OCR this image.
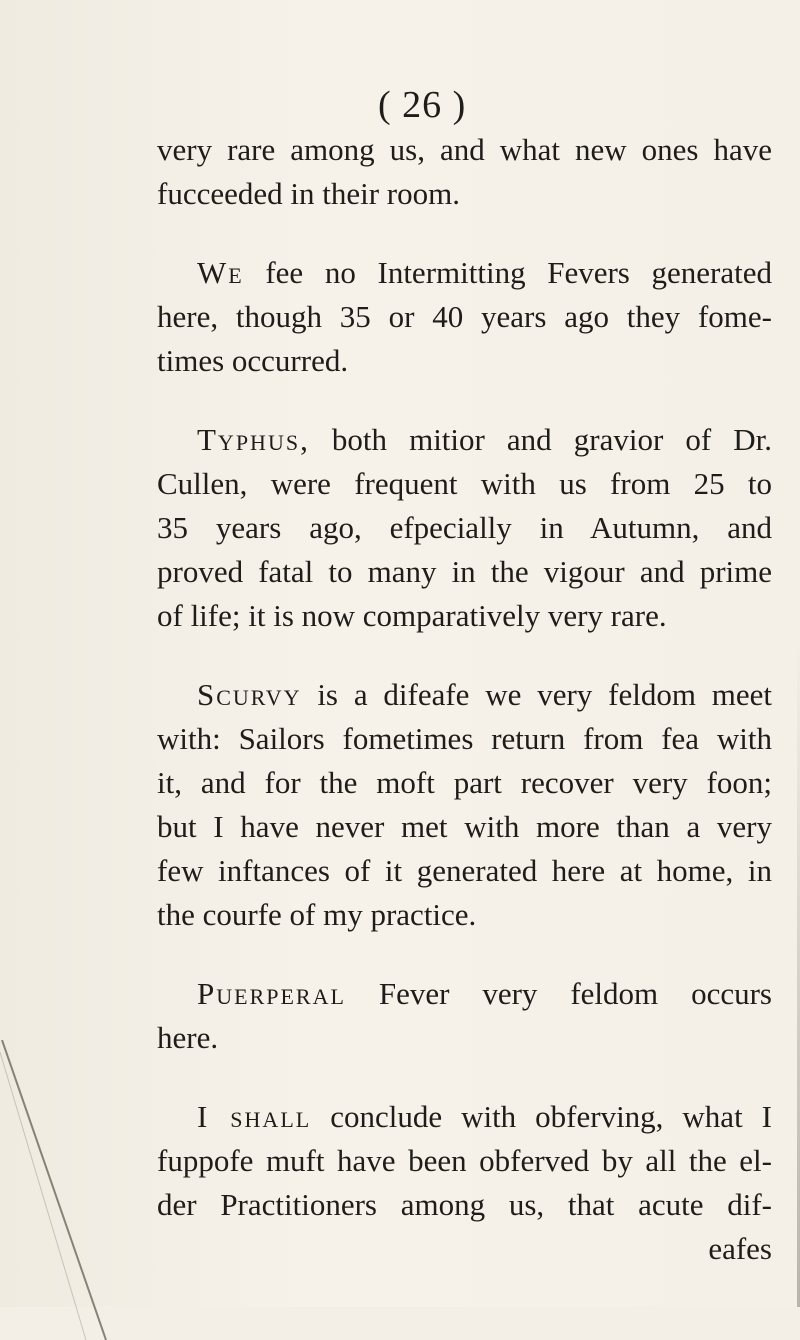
( 26 )
very rare among us, and what new ones have
fucceeded in their room.
We fee no Intermitting Fevers generated
here, though 35 or 40 years ago they fome-
times occurred.
Typhus, both mitior and gravior of Dr.
Cullen, were frequent with us from 25 to
35 years ago, efpecially in Autumn, and
proved fatal to many in the vigour and prime
of life; it is now comparatively very rare.
Scurvy is a difeafe we very feldom meet
with: Sailors fometimes return from fea with
it, and for the moft part recover very foon;
but I have never met with more than a very
few inftances of it generated here at home, in
the courfe of my practice.
Puerperal Fever very feldom occurs
here.
I shall conclude with obferving, what I
fuppofe muft have been obferved by all the el-
der Practitioners among us, that acute dif-
eafes
